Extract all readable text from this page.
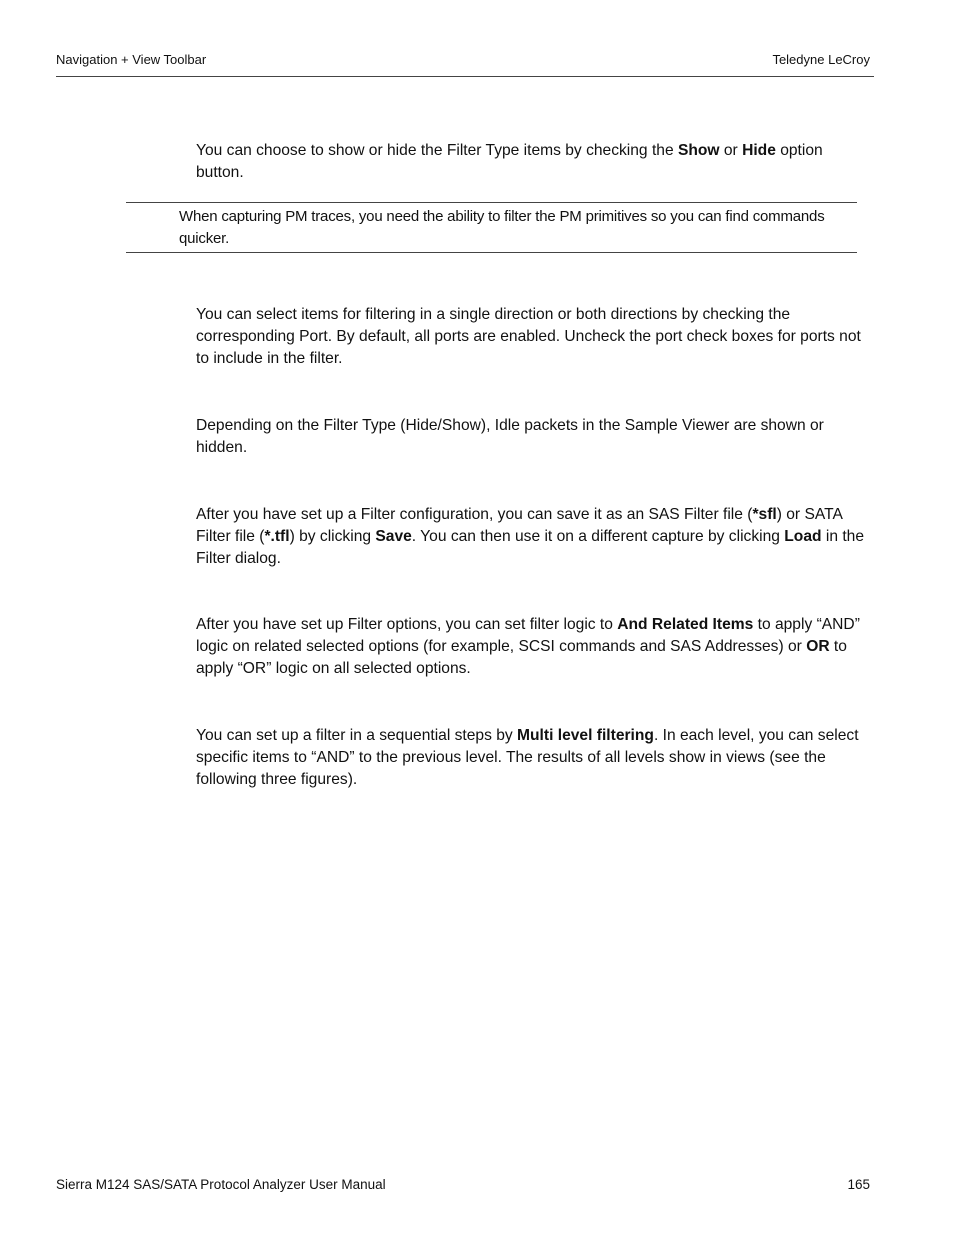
Navigation + View Toolbar	Teledyne LeCroy
You can choose to show or hide the Filter Type items by checking the Show or Hide option button.
When capturing PM traces, you need the ability to filter the PM primitives so you can find commands quicker.
You can select items for filtering in a single direction or both directions by checking the corresponding Port. By default, all ports are enabled. Uncheck the port check boxes for ports not to include in the filter.
Depending on the Filter Type (Hide/Show), Idle packets in the Sample Viewer are shown or hidden.
After you have set up a Filter configuration, you can save it as an SAS Filter file (*sfl) or SATA Filter file (*.tfl) by clicking Save. You can then use it on a different capture by clicking Load in the Filter dialog.
After you have set up Filter options, you can set filter logic to And Related Items to apply “AND” logic on related selected options (for example, SCSI commands and SAS Addresses) or OR to apply “OR” logic on all selected options.
You can set up a filter in a sequential steps by Multi level filtering. In each level, you can select specific items to “AND” to the previous level. The results of all levels show in views (see the following three figures).
Sierra M124 SAS/SATA Protocol Analyzer User Manual	165
